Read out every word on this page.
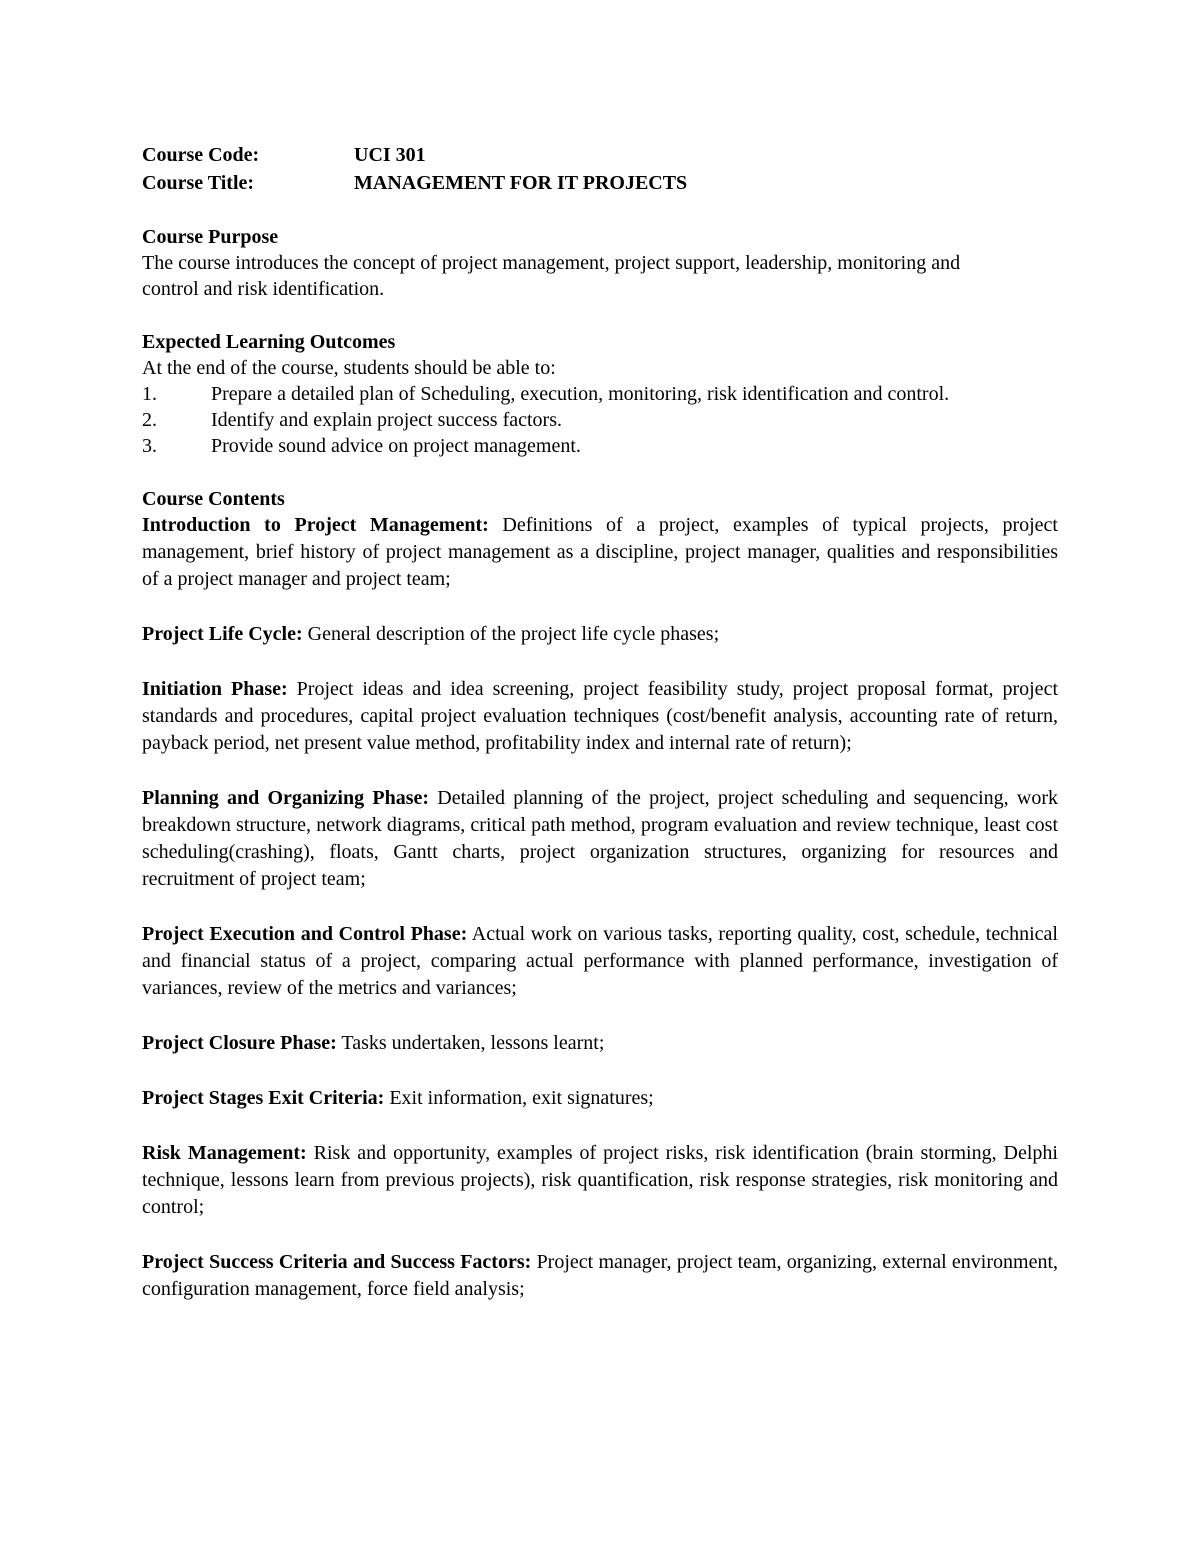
Course Code:	UCI 301
Course Title:	MANAGEMENT FOR IT PROJECTS
Course Purpose

The course introduces the concept of project management, project support, leadership, monitoring and control and risk identification.

Expected Learning Outcomes

At the end of the course, students should be able to:

1.	Prepare a detailed plan of Scheduling, execution, monitoring, risk identification and control.
2.	Identify and explain project success factors.
3.	Provide sound advice on project management.
Course Contents

Introduction to Project Management: Definitions of a project, examples of typical projects, project management, brief history of project management as a discipline, project manager, qualities and responsibilities of a project manager and project team;

Project Life Cycle: General description of the project life cycle phases;

Initiation Phase: Project ideas and idea screening, project feasibility study, project proposal format, project standards and procedures, capital project evaluation techniques (cost/benefit analysis, accounting rate of return, payback period, net present value method, profitability index and internal rate of return);

Planning and Organizing Phase: Detailed planning of the project, project scheduling and sequencing, work breakdown structure, network diagrams, critical path method, program evaluation and review technique, least cost scheduling(crashing), floats, Gantt charts, project organization structures, organizing for resources and recruitment of project team;

Project Execution and Control Phase: Actual work on various tasks, reporting quality, cost, schedule, technical and financial status of a project, comparing actual performance with planned performance, investigation of variances, review of the metrics and variances;

Project Closure Phase: Tasks undertaken, lessons learnt;

Project Stages Exit Criteria: Exit information, exit signatures;

Risk Management: Risk and opportunity, examples of project risks, risk identification (brain storming, Delphi technique, lessons learn from previous projects), risk quantification, risk response strategies, risk monitoring and control;

Project Success Criteria and Success Factors: Project manager, project team, organizing, external environment, configuration management, force field analysis;
